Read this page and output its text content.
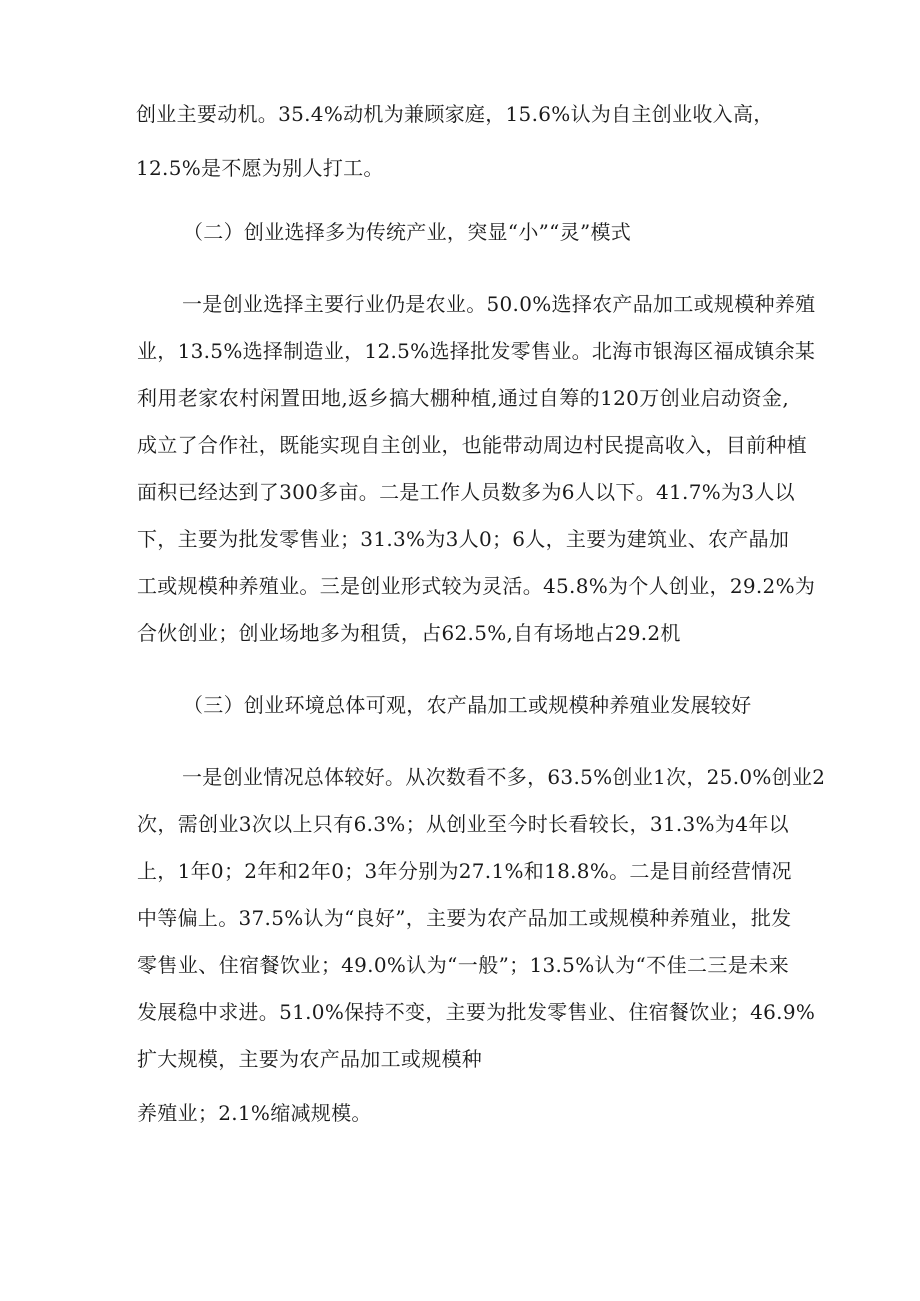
创业主要动机。35.4%动机为兼顾家庭，15.6%认为自主创业收入高，
12.5%是不愿为别人打工。
（二）创业选择多为传统产业，突显“小”“灵”模式
一是创业选择主要行业仍是农业。50.0%选择农产品加工或规模种养殖
业，13.5%选择制造业，12.5%选择批发零售业。北海市银海区福成镇余某
利用老家农村闲置田地,返乡搞大棚种植,通过自筹的120万创业启动资金,
成立了合作社，既能实现自主创业，也能带动周边村民提高收入，目前种植
面积已经达到了300多亩。二是工作人员数多为6人以下。41.7%为3人以
下，主要为批发零售业；31.3%为3人0；6人，主要为建筑业、农产晶加
工或规模种养殖业。三是创业形式较为灵活。45.8%为个人创业，29.2%为
合伙创业；创业场地多为租赁，占62.5%,自有场地占29.2机
（三）创业环境总体可观，农产晶加工或规模种养殖业发展较好
一是创业情况总体较好。从次数看不多，63.5%创业1次，25.0%创业2
次，需创业3次以上只有6.3%；从创业至今时长看较长，31.3%为4年以
上，1年0；2年和2年0；3年分别为27.1%和18.8%。二是目前经营情况
中等偏上。37.5%认为“良好”，主要为农产品加工或规模种养殖业，批发
零售业、住宿餐饮业；49.0%认为“一般”；13.5%认为“不佳二三是未来
发展稳中求进。51.0%保持不变，主要为批发零售业、住宿餐饮业；46.9%
扩大规模，主要为农产品加工或规模种
养殖业；2.1%缩减规模。
